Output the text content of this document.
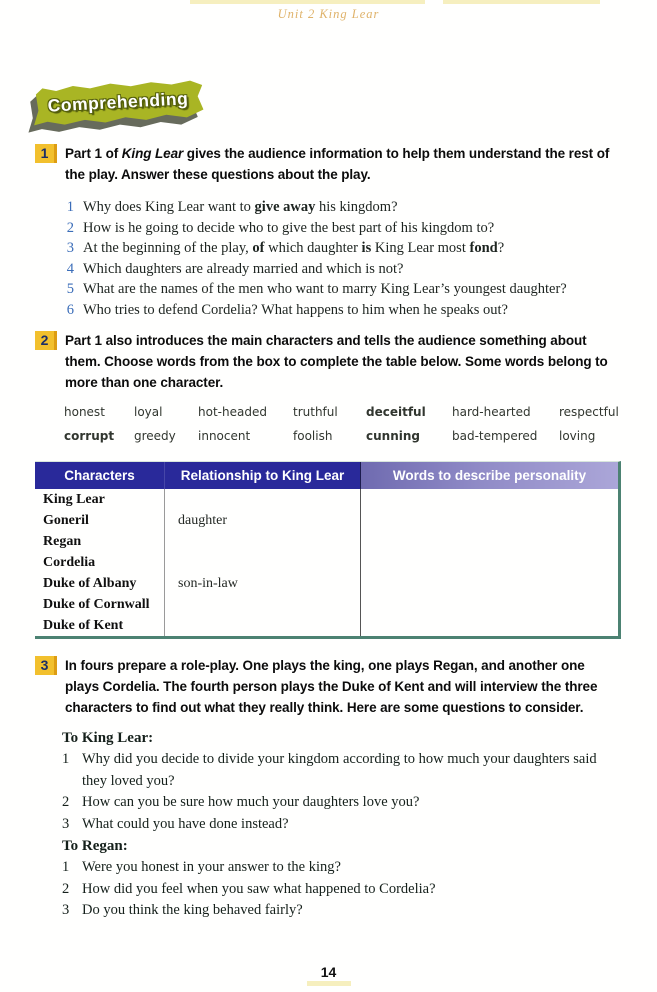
Unit 2 King Lear
Comprehending
1	Part 1 of King Lear gives the audience information to help them understand the rest of the play. Answer these questions about the play.
1 Why does King Lear want to give away his kingdom?
2 How is he going to decide who to give the best part of his kingdom to?
3 At the beginning of the play, of which daughter is King Lear most fond?
4 Which daughters are already married and which is not?
5 What are the names of the men who want to marry King Lear’s youngest daughter?
6 Who tries to defend Cordelia? What happens to him when he speaks out?
2	Part 1 also introduces the main characters and tells the audience something about them. Choose words from the box to complete the table below. Some words belong to more than one character.
honest	loyal	hot-headed	truthful	deceitful	hard-hearted	respectful
corrupt	greedy	innocent	foolish	cunning	bad-tempered	loving
Characters	Relationship to King Lear	Words to describe personality
King Lear
Goneril	daughter
Regan
Cordelia
Duke of Albany	son-in-law
Duke of Cornwall
Duke of Kent
3	In fours prepare a role-play. One plays the king, one plays Regan, and another one plays Cordelia. The fourth person plays the Duke of Kent and will interview the three characters to find out what they really think. Here are some questions to consider.
To King Lear:
1 Why did you decide to divide your kingdom according to how much your daughters said they loved you?
2 How can you be sure how much your daughters love you?
3 What could you have done instead?
To Regan:
1 Were you honest in your answer to the king?
2 How did you feel when you saw what happened to Cordelia?
3 Do you think the king behaved fairly?
14
